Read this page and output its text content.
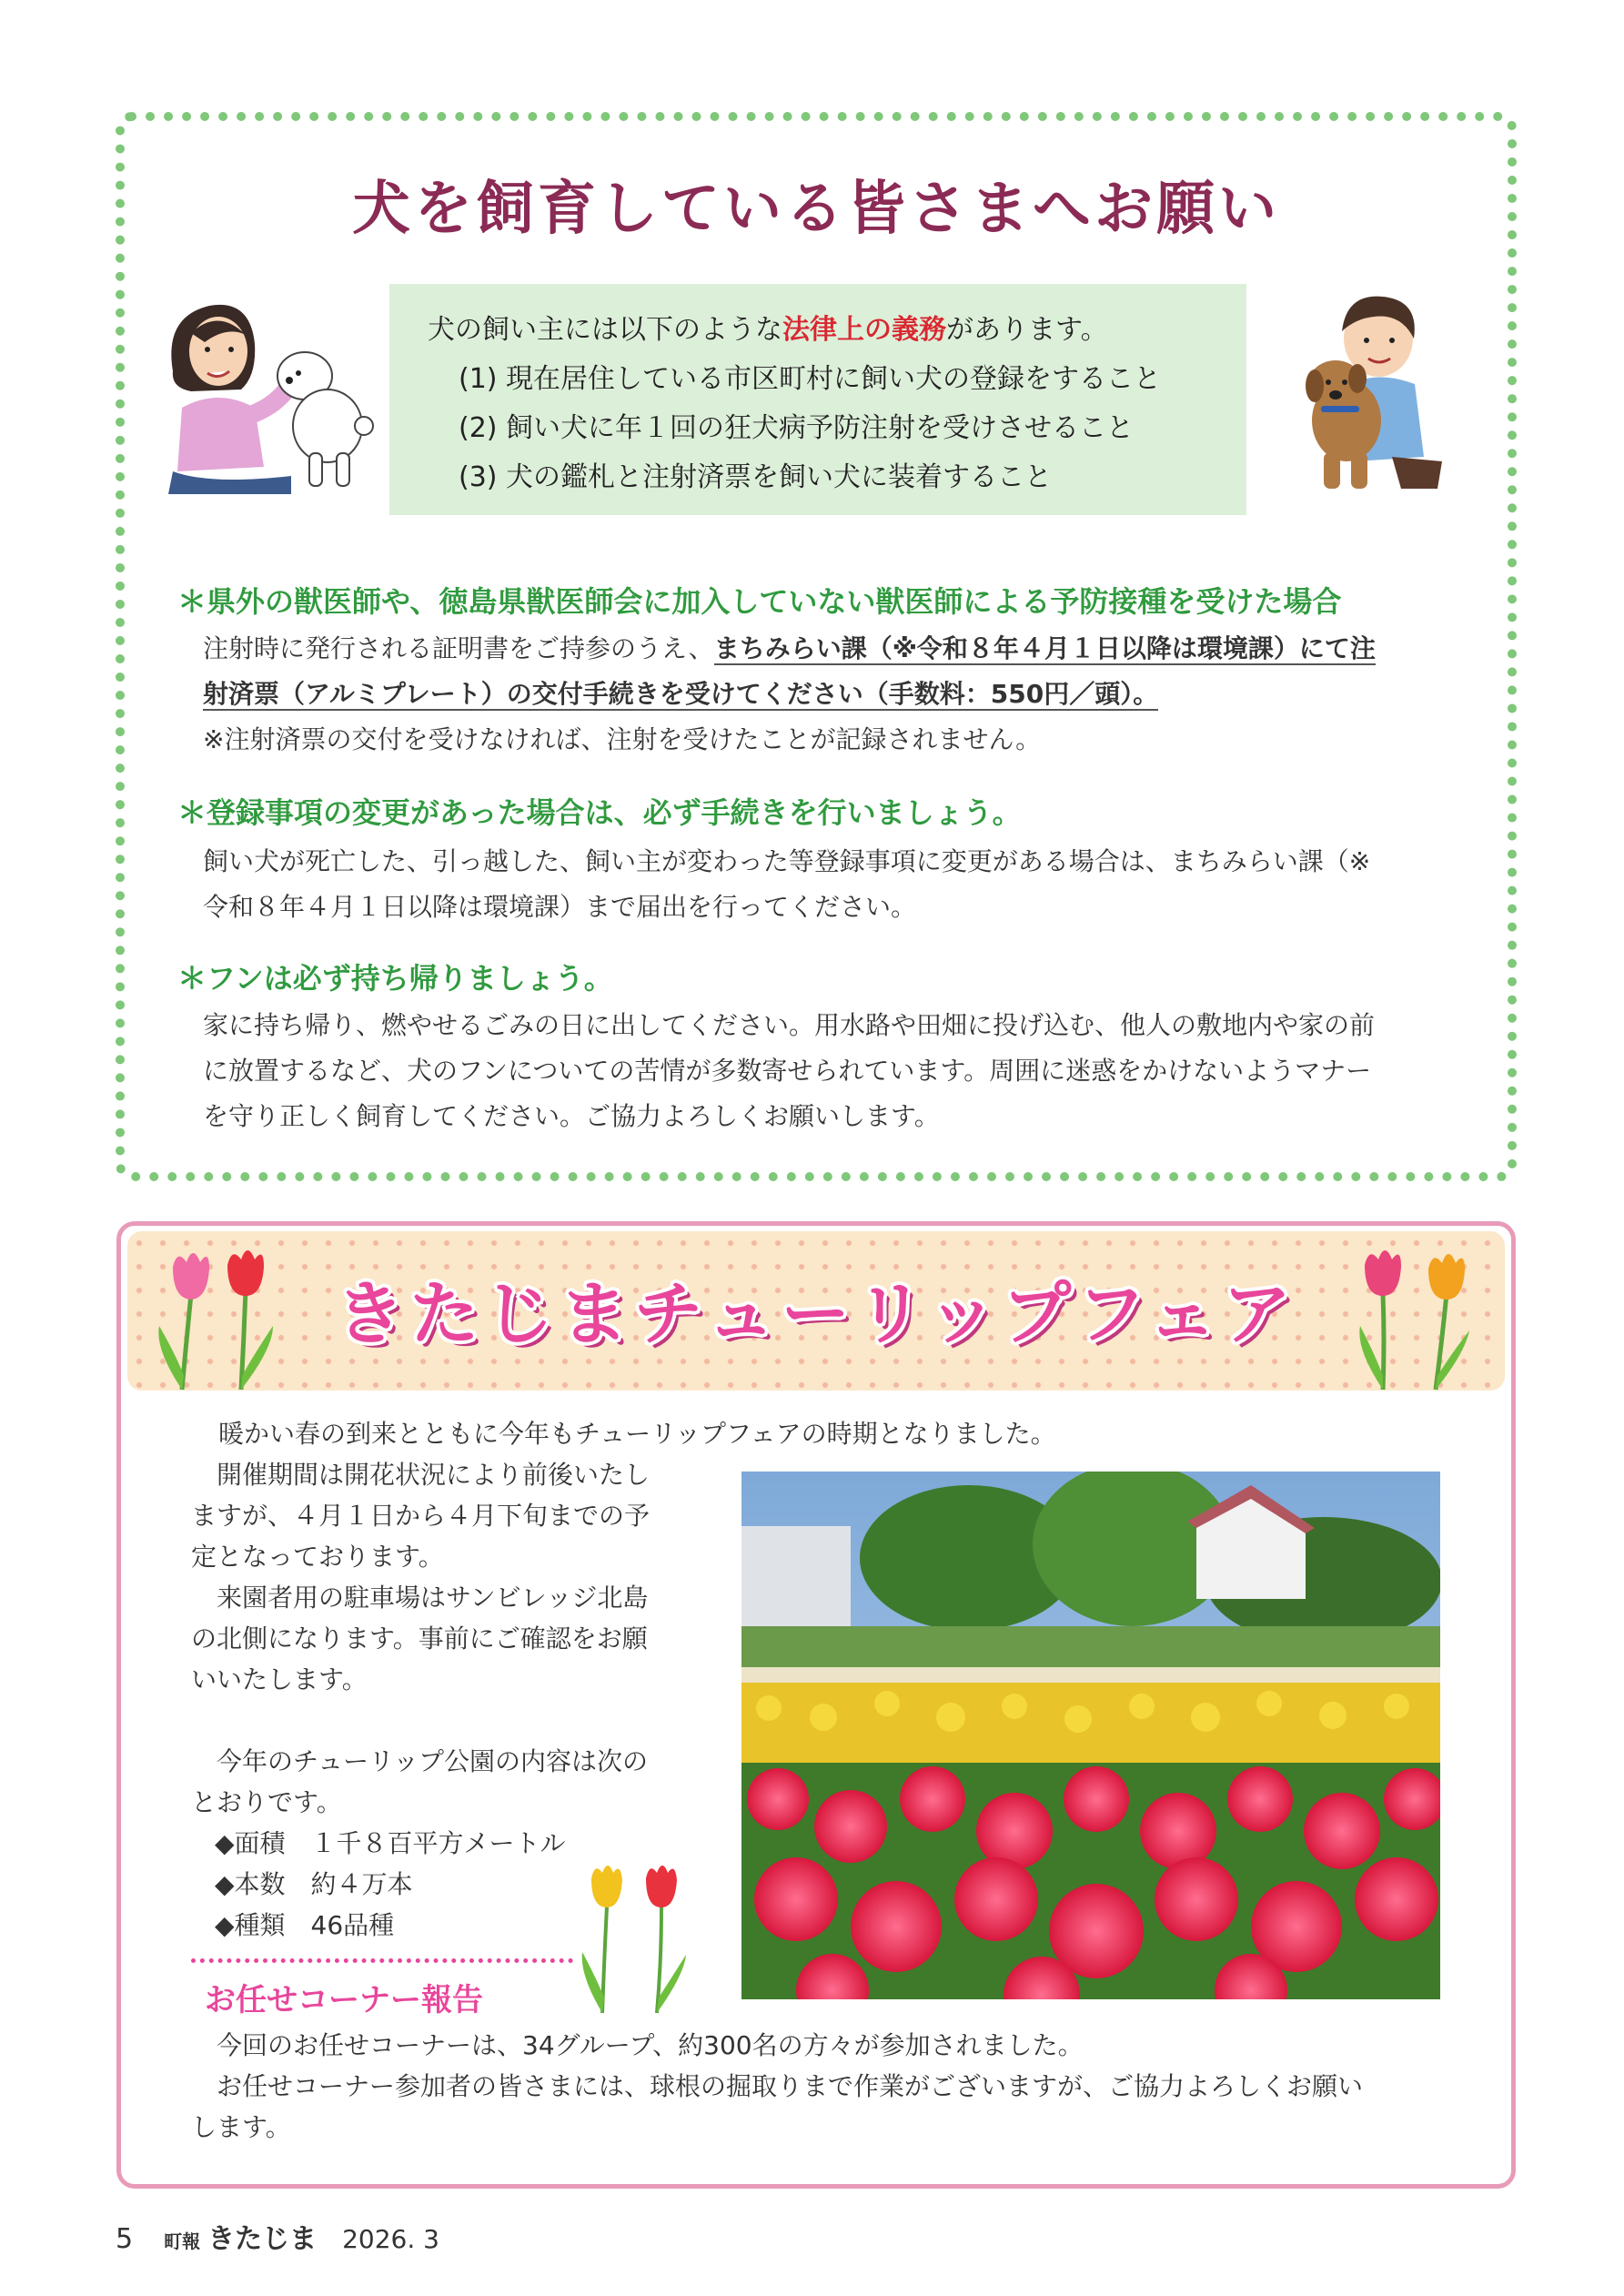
犬を飼育している皆さまへお願い
犬の飼い主には以下のような法律上の義務があります。
(1) 現在居住している市区町村に飼い犬の登録をすること
(2) 飼い犬に年１回の狂犬病予防注射を受けさせること
(3) 犬の鑑札と注射済票を飼い犬に装着すること
＊県外の獣医師や、徳島県獣医師会に加入していない獣医師による予防接種を受けた場合
注射時に発行される証明書をご持参のうえ、まちみらい課（※令和８年４月１日以降は環境課）にて注
射済票（アルミプレート）の交付手続きを受けてください（手数料：550円／頭）。
※注射済票の交付を受けなければ、注射を受けたことが記録されません。
＊登録事項の変更があった場合は、必ず手続きを行いましょう。
飼い犬が死亡した、引っ越した、飼い主が変わった等登録事項に変更がある場合は、まちみらい課（※
令和８年４月１日以降は環境課）まで届出を行ってください。
＊フンは必ず持ち帰りましょう。
家に持ち帰り、燃やせるごみの日に出してください。用水路や田畑に投げ込む、他人の敷地内や家の前
に放置するなど、犬のフンについての苦情が多数寄せられています。周囲に迷惑をかけないようマナー
を守り正しく飼育してください。ご協力よろしくお願いします。
きたじまチューリップフェア
暖かい春の到来とともに今年もチューリップフェアの時期となりました。
　開催期間は開花状況により前後いたし
ますが、４月１日から４月下旬までの予
定となっております。
　来園者用の駐車場はサンビレッジ北島
の北側になります。事前にご確認をお願
いいたします。

　今年のチューリップ公園の内容は次の
とおりです。
◆面積　１千８百平方メートル
◆本数　約４万本
◆種類　46品種
お任せコーナー報告
　今回のお任せコーナーは、34グループ、約300名の方々が参加されました。
　お任せコーナー参加者の皆さまには、球根の掘取りまで作業がございますが、ご協力よろしくお願い
します。
5 町報 きたじま 2026. 3
